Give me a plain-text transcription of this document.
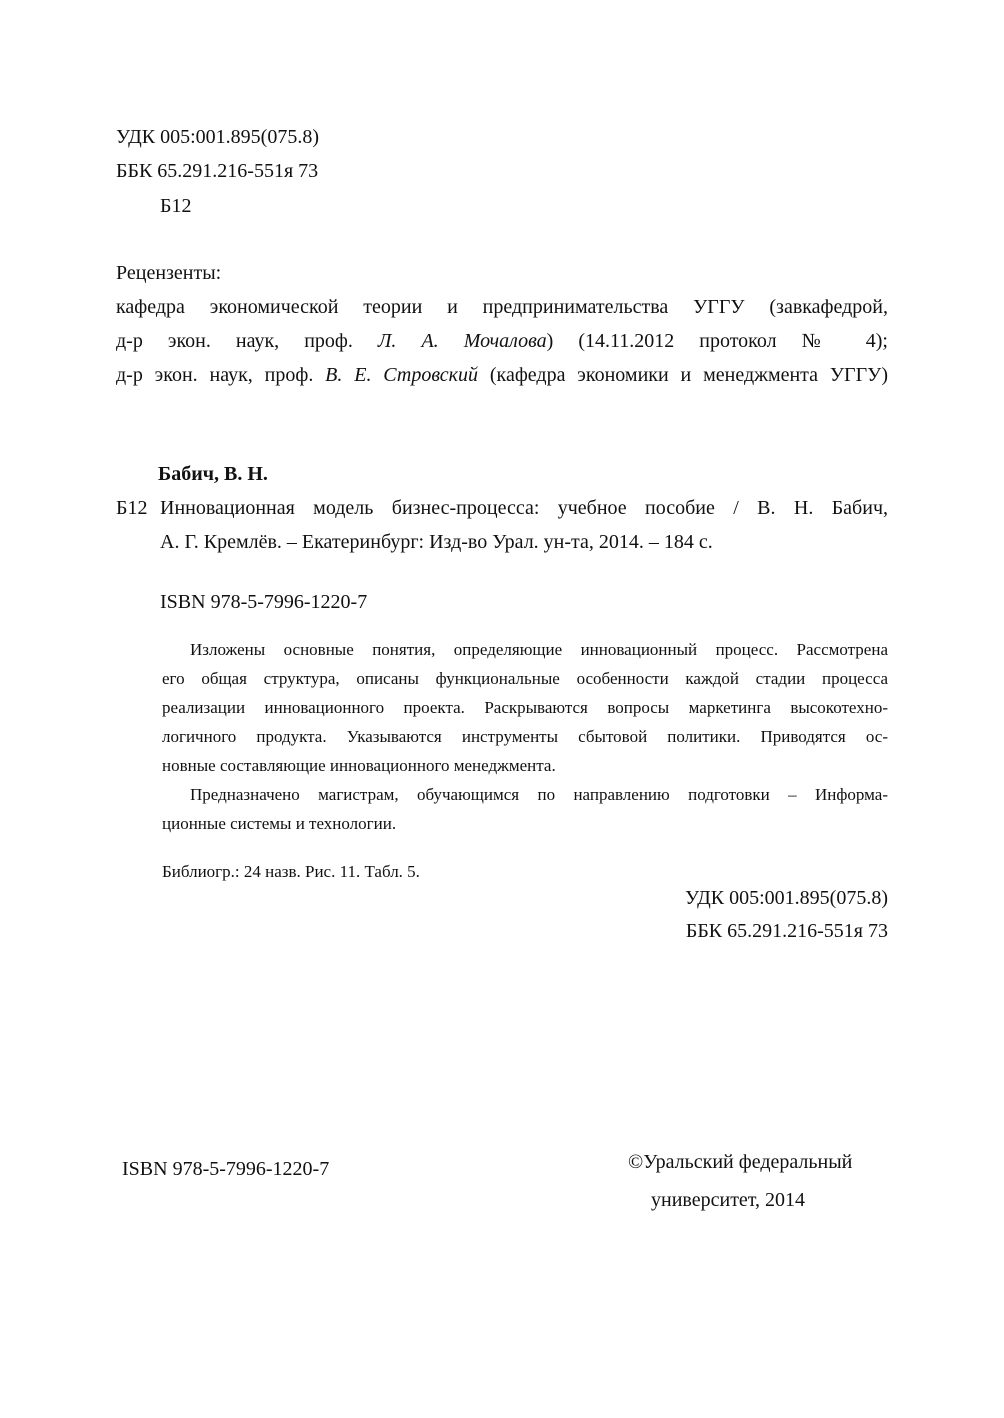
УДК 005:001.895(075.8)
ББК 65.291.216-551я 73
Б12
Рецензенты:
кафедра экономической теории и предпринимательства УГГУ (завкафедрой,
д-р экон. наук, проф. Л. А. Мочалова) (14.11.2012 протокол № 4);
д-р экон. наук, проф. В. Е. Стровский (кафедра экономики и менеджмента УГГУ)
Бабич, В. Н.
Б12 Инновационная модель бизнес-процесса: учебное пособие / В. Н. Бабич,
А. Г. Кремлёв. – Екатеринбург: Изд-во Урал. ун-та, 2014. – 184 с.
ISBN 978-5-7996-1220-7
Изложены основные понятия, определяющие инновационный процесс. Рассмотрена
его общая структура, описаны функциональные особенности каждой стадии процесса
реализации инновационного проекта. Раскрываются вопросы маркетинга высокотехно-
логичного продукта. Указываются инструменты сбытовой политики. Приводятся ос-
новные составляющие инновационного менеджмента.
Предназначено магистрам, обучающимся по направлению подготовки – Информа-
ционные системы и технологии.
Библиогр.: 24 назв. Рис. 11. Табл. 5.
УДК 005:001.895(075.8)
ББК 65.291.216-551я 73
ISBN 978-5-7996-1220-7	©Уральский федеральный
университет, 2014
